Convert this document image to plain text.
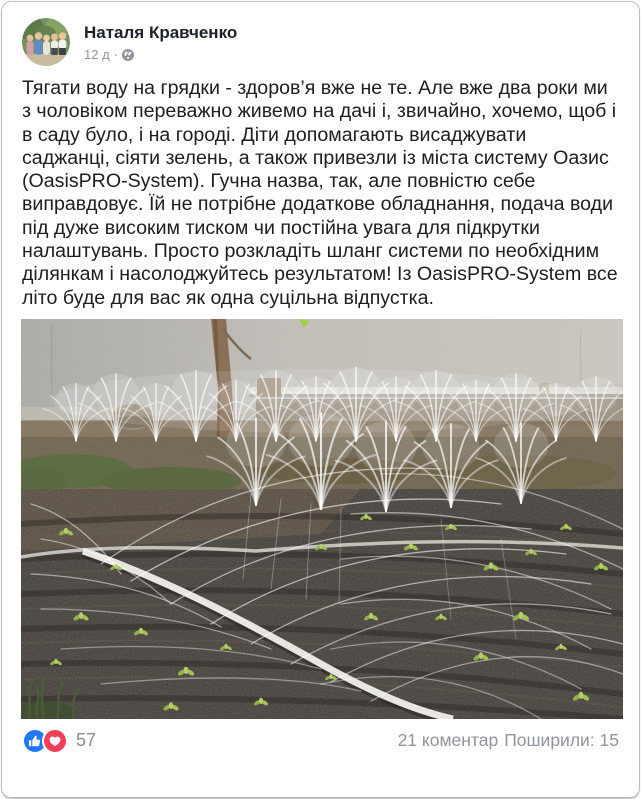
Наталя Кравченко
12 д ·
Тягати воду на грядки - здоров’я вже не те. Але вже два роки ми з чоловіком переважно живемо на дачі і, звичайно, хочемо, щоб і в саду було, і на городі. Діти допомагають висаджувати саджанці, сіяти зелень, а також привезли із міста систему Оазис (OasisPRO-System). Гучна назва, так, але повністю себе виправдовує. Їй не потрібне додаткове обладнання, подача води під дуже високим тиском чи постійна увага для підкрутки налаштувань. Просто розкладіть шланг системи по необхідним ділянкам і насолоджуйтесь результатом! Із OasisPRO-System все літо буде для вас як одна суцільна відпустка.
57	21 коментар Поширили: 15
